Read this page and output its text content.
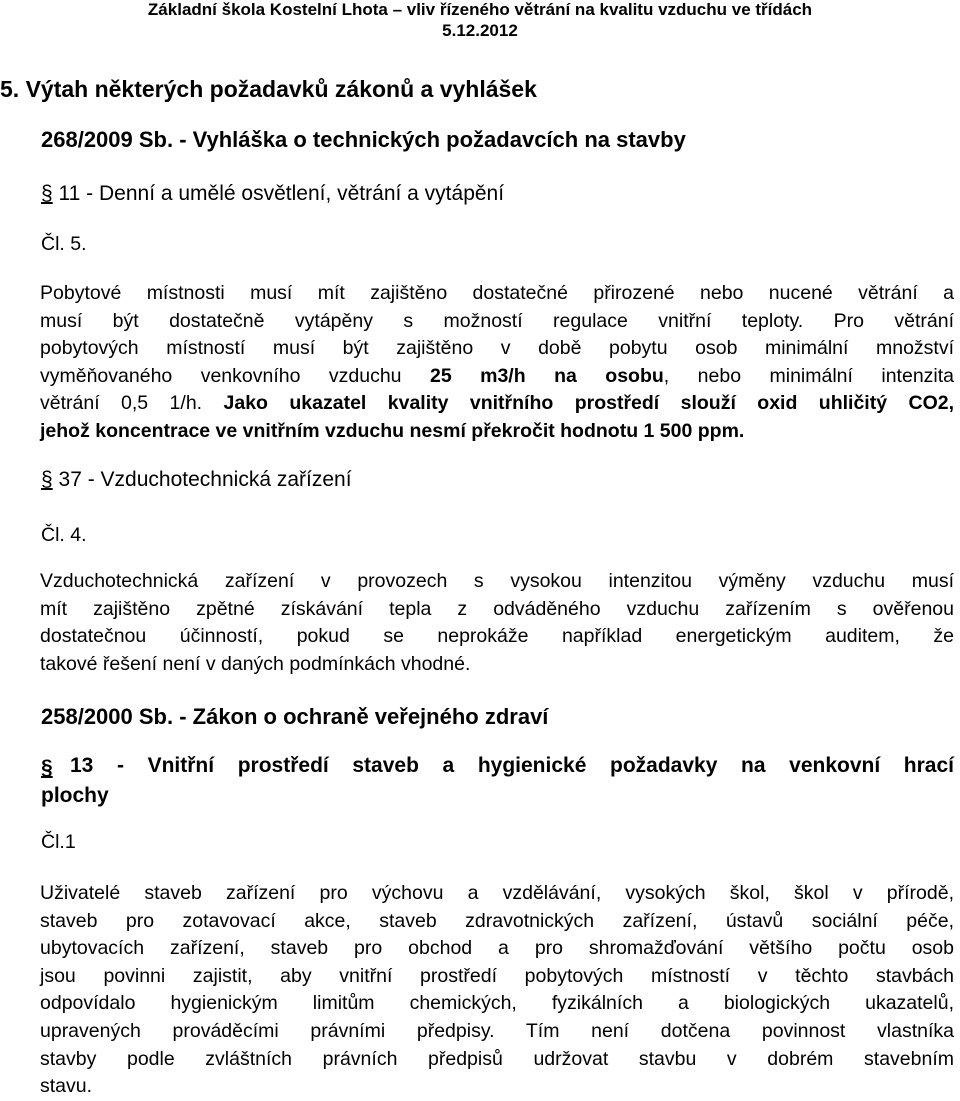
Základní škola Kostelní Lhota – vliv řízeného větrání na kvalitu vzduchu ve třídách
5.12.2012
5. Výtah některých požadavků zákonů a vyhlášek
268/2009 Sb. - Vyhláška o technických požadavcích na stavby
§ 11 - Denní a umělé osvětlení, větrání a vytápění
Čl. 5.
Pobytové místnosti musí mít zajištěno dostatečné přirozené nebo nucené větrání a
musí být dostatečně vytápěny s možností regulace vnitřní teploty. Pro větrání
pobytových místností musí být zajištěno v době pobytu osob minimální množství
vyměňovaného venkovního vzduchu 25 m3/h na osobu, nebo minimální intenzita
větrání 0,5 1/h. Jako ukazatel kvality vnitřního prostředí slouží oxid uhličitý CO2,
jehož koncentrace ve vnitřním vzduchu nesmí překročit hodnotu 1 500 ppm.
§ 37 - Vzduchotechnická zařízení
Čl. 4.
Vzduchotechnická zařízení v provozech s vysokou intenzitou výměny vzduchu musí
mít zajištěno zpětné získávání tepla z odváděného vzduchu zařízením s ověřenou
dostatečnou účinností, pokud se neprokáže například energetickým auditem, že
takové řešení není v daných podmínkách vhodné.
258/2000 Sb. - Zákon o ochraně veřejného zdraví
§ 13 - Vnitřní prostředí staveb a hygienické požadavky na venkovní hrací
plochy
Čl.1
Uživatelé staveb zařízení pro výchovu a vzdělávání, vysokých škol, škol v přírodě,
staveb pro zotavovací akce, staveb zdravotnických zařízení, ústavů sociální péče,
ubytovacích zařízení, staveb pro obchod a pro shromažďování většího počtu osob
jsou povinni zajistit, aby vnitřní prostředí pobytových místností v těchto stavbách
odpovídalo hygienickým limitům chemických, fyzikálních a biologických ukazatelů,
upravených prováděcími právními předpisy. Tím není dotčena povinnost vlastníka
stavby podle zvláštních právních předpisů udržovat stavbu v dobrém stavebním
stavu.
